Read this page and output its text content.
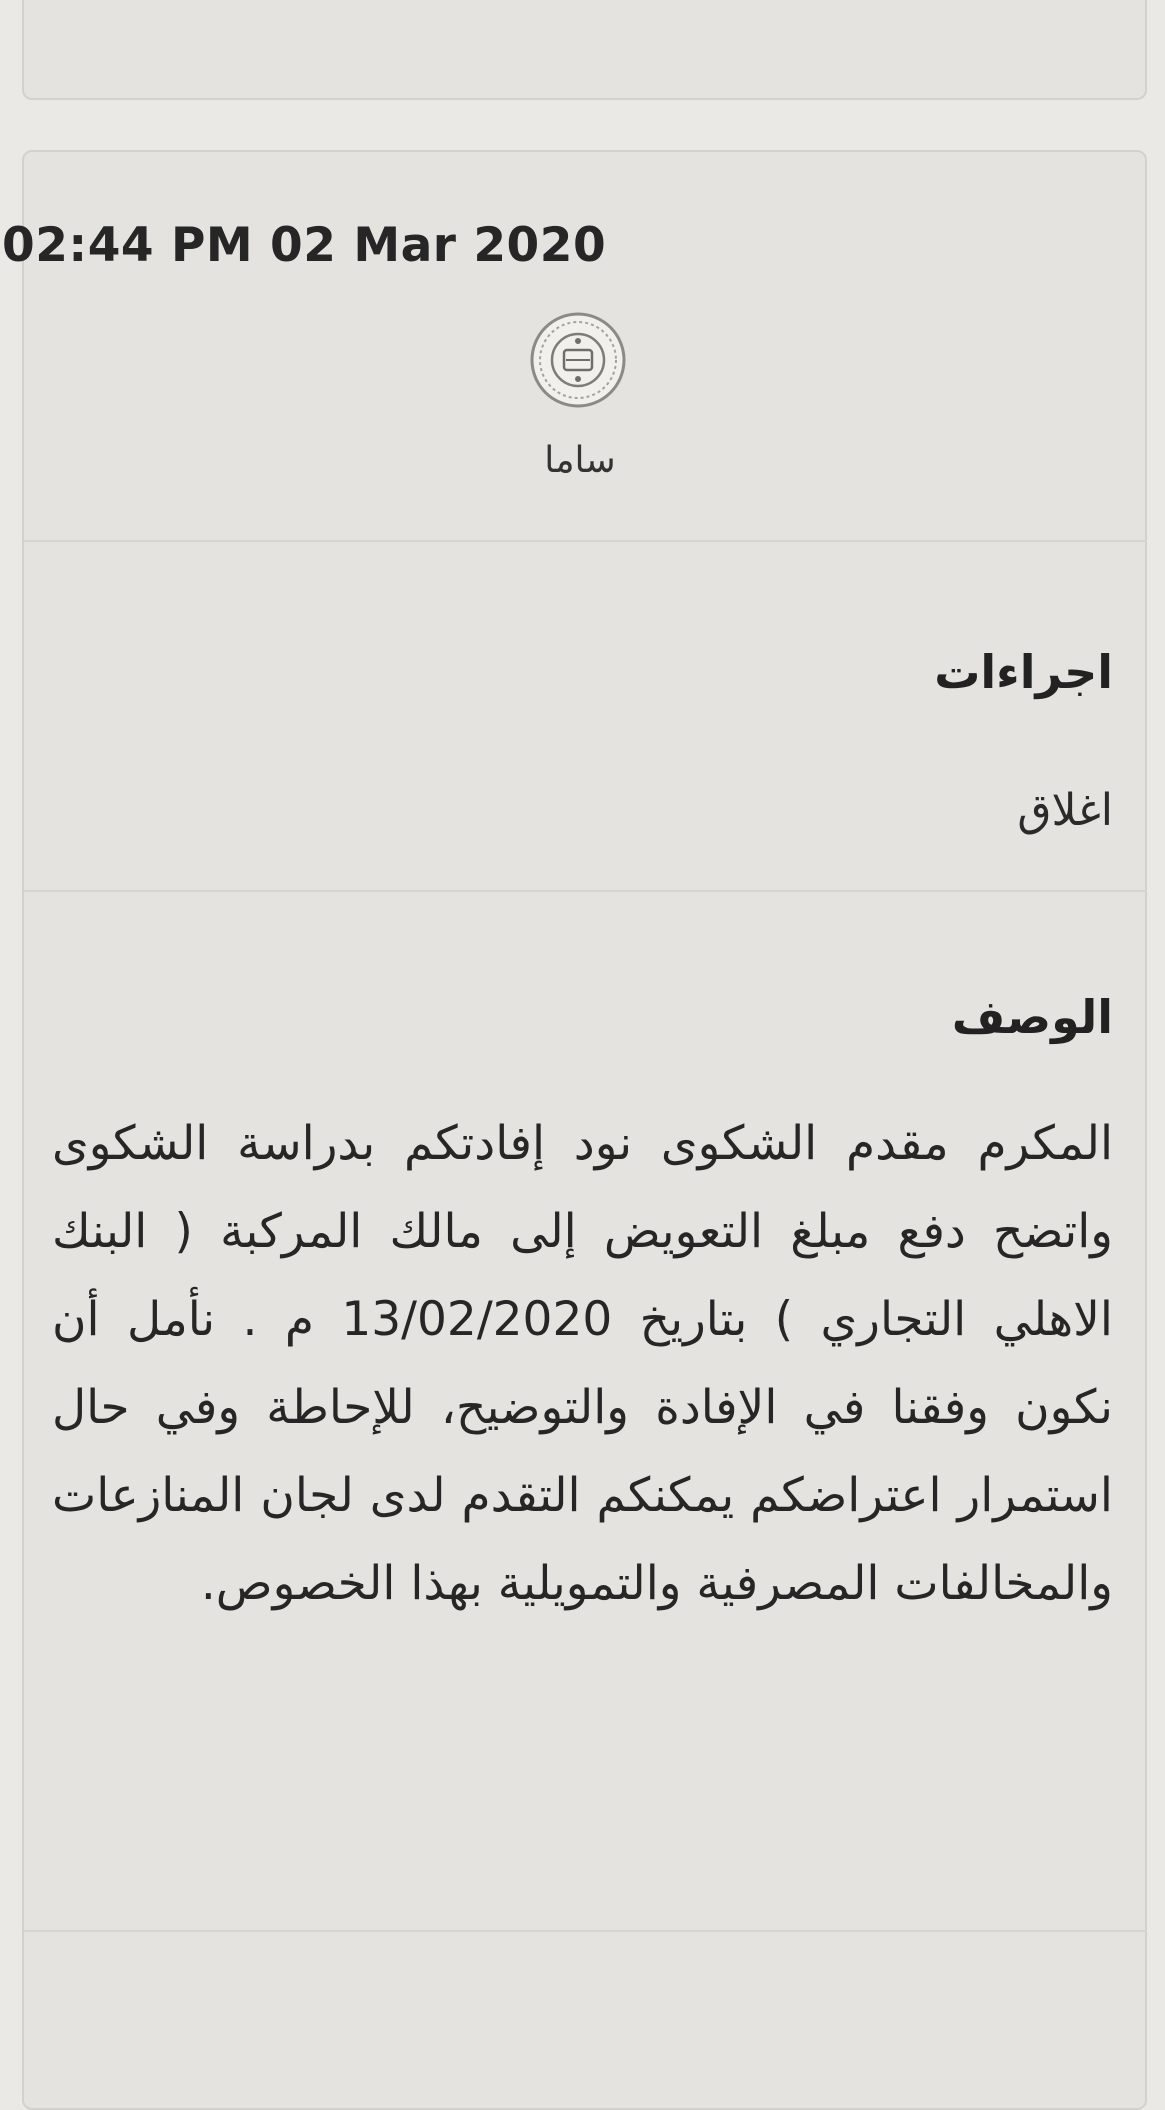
02:44 PM 02 Mar 2020
ساما
اجراءات
اغلاق
الوصف
المكرم مقدم الشكوى نود إفادتكم بدراسة الشكوى واتضح دفع مبلغ التعويض إلى مالك المركبة ( البنك الاهلي التجاري ) بتاريخ 13/02/2020 م . نأمل أن نكون وفقنا في الإفادة والتوضيح، للإحاطة وفي حال استمرار اعتراضكم يمكنكم التقدم لدى لجان المنازعات والمخالفات المصرفية والتمويلية بهذا الخصوص.
